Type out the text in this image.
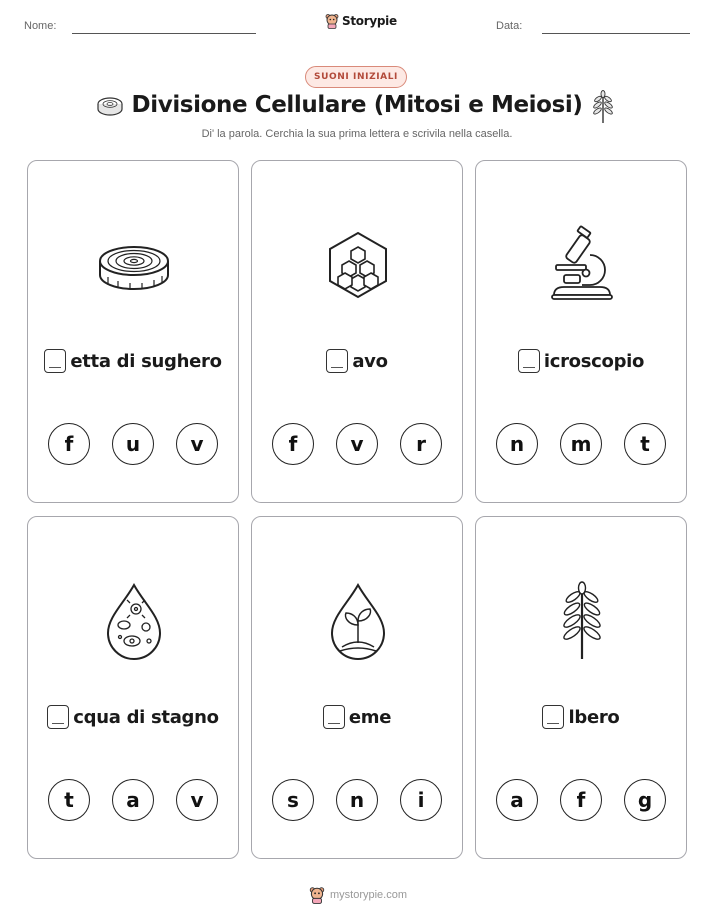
Nome:	Storypie	Data:
SUONI INIZIALI
Divisione Cellulare (Mitosi e Meiosi)
Di' la parola. Cerchia la sua prima lettera e scrivila nella casella.
etta di sughero
f	u	v
avo
f	v	r
icroscopio
n	m	t
cqua di stagno
t	a	v
eme
s	n	i
lbero
a	f	g
mystorypie.com
